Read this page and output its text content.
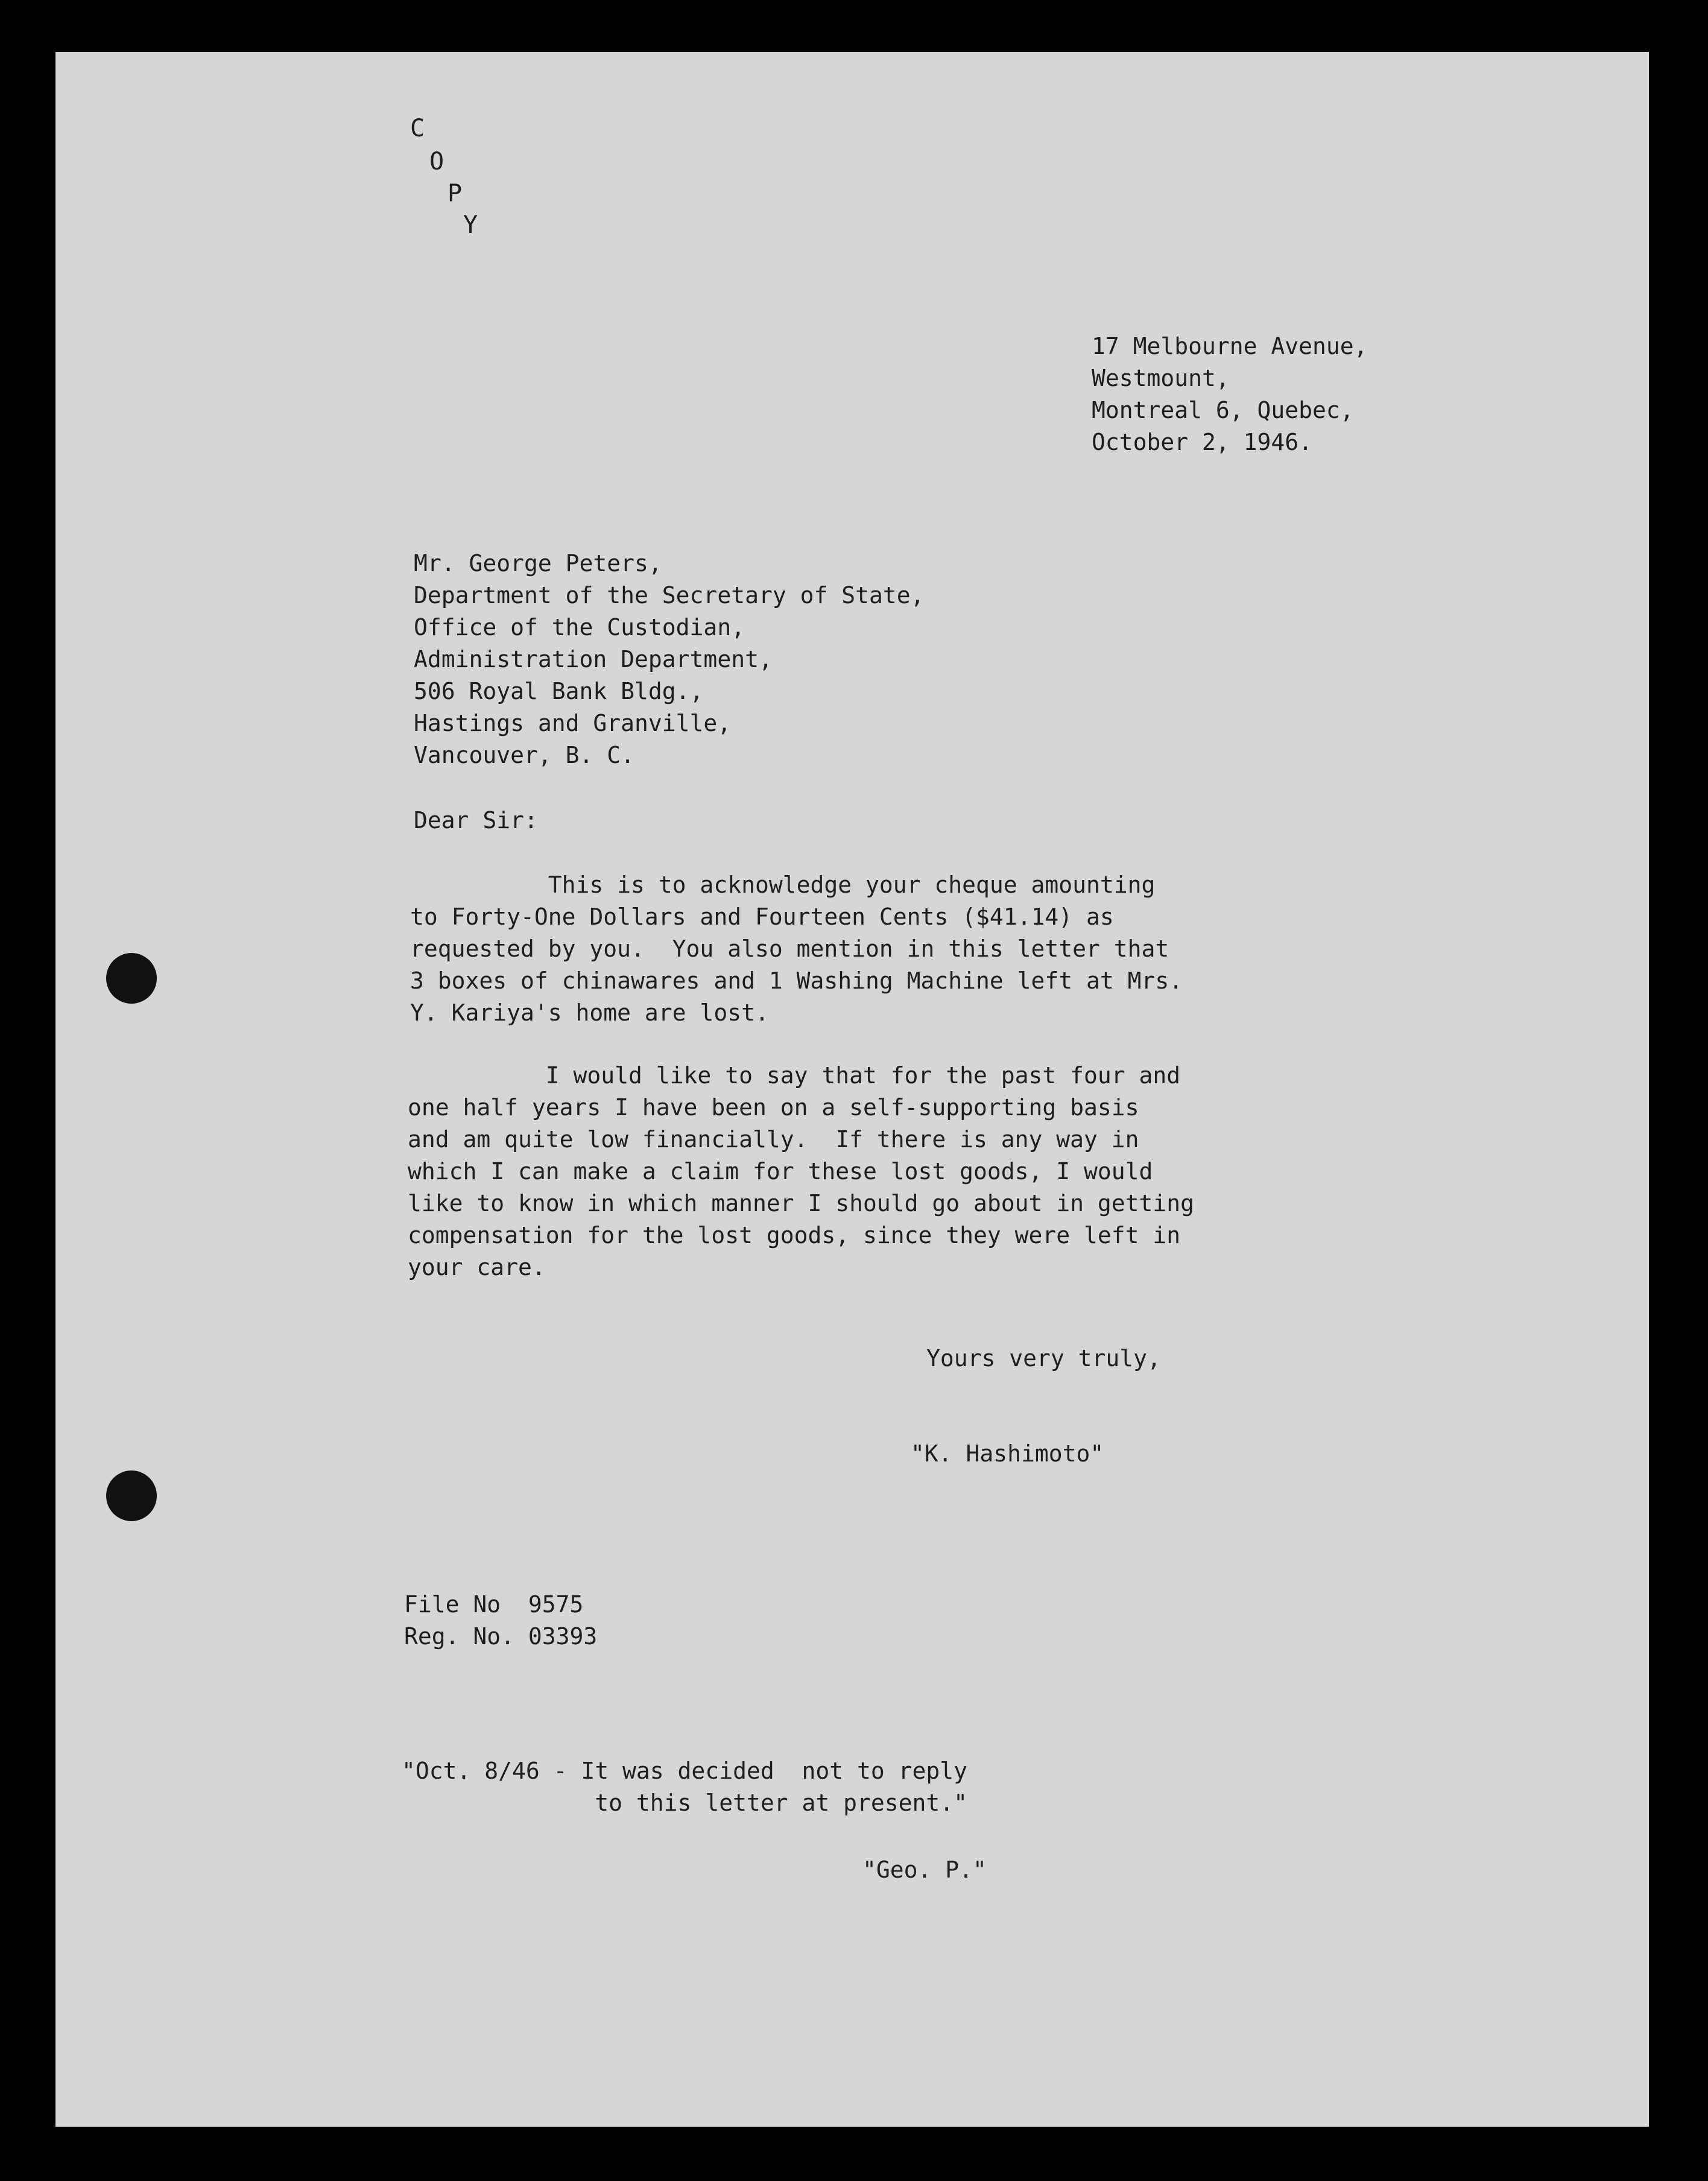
C
O
P
Y

17 Melbourne Avenue,

Westmount,

Montreal 6, Quebec,

October 2, 1946.

Mr. George Peters,

Department of the Secretary of State,

Office of the Custodian,

Administration Department,

506 Royal Bank Bldg.,

Hastings and Granville,

Vancouver, B. C.

Dear Sir:

This is to acknowledge your cheque amounting

to Forty-One Dollars and Fourteen Cents ($41.14) as

requested by you.  You also mention in this letter that

3 boxes of chinawares and 1 Washing Machine left at Mrs.

Y. Kariya's home are lost.

I would like to say that for the past four and

one half years I have been on a self-supporting basis

and am quite low financially.  If there is any way in

which I can make a claim for these lost goods, I would

like to know in which manner I should go about in getting

compensation for the lost goods, since they were left in

your care.

Yours very truly,

"K. Hashimoto"

File No  9575

Reg. No. 03393

"Oct. 8/46 - It was decided  not to reply

to this letter at present."

"Geo. P."
